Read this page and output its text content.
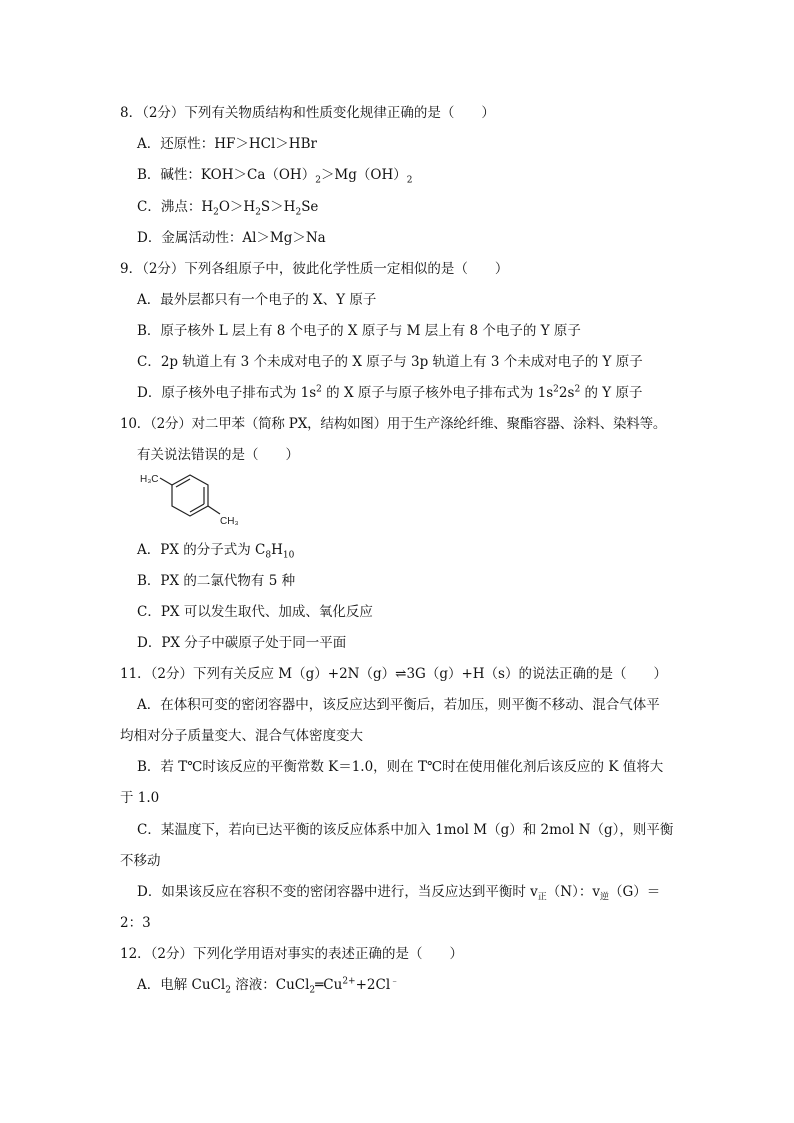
8．（2分）下列有关物质结构和性质变化规律正确的是（　　）
A．还原性：HF＞HCl＞HBr
B．碱性：$KOH>Ca(OH)_2>Mg(OH)_2$
C．沸点：$H_2O>H_2S>H_2Se$
D．金属活动性：Al＞Mg＞Na
9．（2分）下列各组原子中，彼此化学性质一定相似的是（　　）
A．最外层都只有一个电子的 X、Y 原子
B．原子核外 L 层上有 8 个电子的 X 原子与 M 层上有 8 个电子的 Y 原子
C．2p 轨道上有 3 个未成对电子的 X 原子与 3p 轨道上有 3 个未成对电子的 Y 原子
D．原子核外电子排布式为 $1s^2$ 的 X 原子与原子核外电子排布式为 $1s^22s^2$ 的 Y 原子
10．（2分）对二甲苯（简称 PX，结构如图）用于生产涤纶纤维、聚酯容器、涂料、染料等。
有关说法错误的是（　　）
H₃C
CH₃
A．PX 的分子式为 $C_8H_{10}$
B．PX 的二氯代物有 5 种
C．PX 可以发生取代、加成、氧化反应
D．PX 分子中碳原子处于同一平面
11．（2分）下列有关反应 M（g）+2N（g）⇌3G（g）+H（s）的说法正确的是（　　）
A．在体积可变的密闭容器中，该反应达到平衡后，若加压，则平衡不移动、混合气体平
均相对分子质量变大、混合气体密度变大
B．若 T℃时该反应的平衡常数 K＝1.0，则在 T℃时在使用催化剂后该反应的 K 值将大
于 1.0
C．某温度下，若向已达平衡的该反应体系中加入 1mol M（g）和 2mol N（g），则平衡
不移动
D．如果该反应在容积不变的密闭容器中进行，当反应达到平衡时 $v_正(N)$：$v_逆(G)=$
2：3
12．（2分）下列化学用语对事实的表述正确的是（　　）
A．电解 CuCl$_2$ 溶液：$CuCl_2═Cu^{2+}+2Cl^﹣$
